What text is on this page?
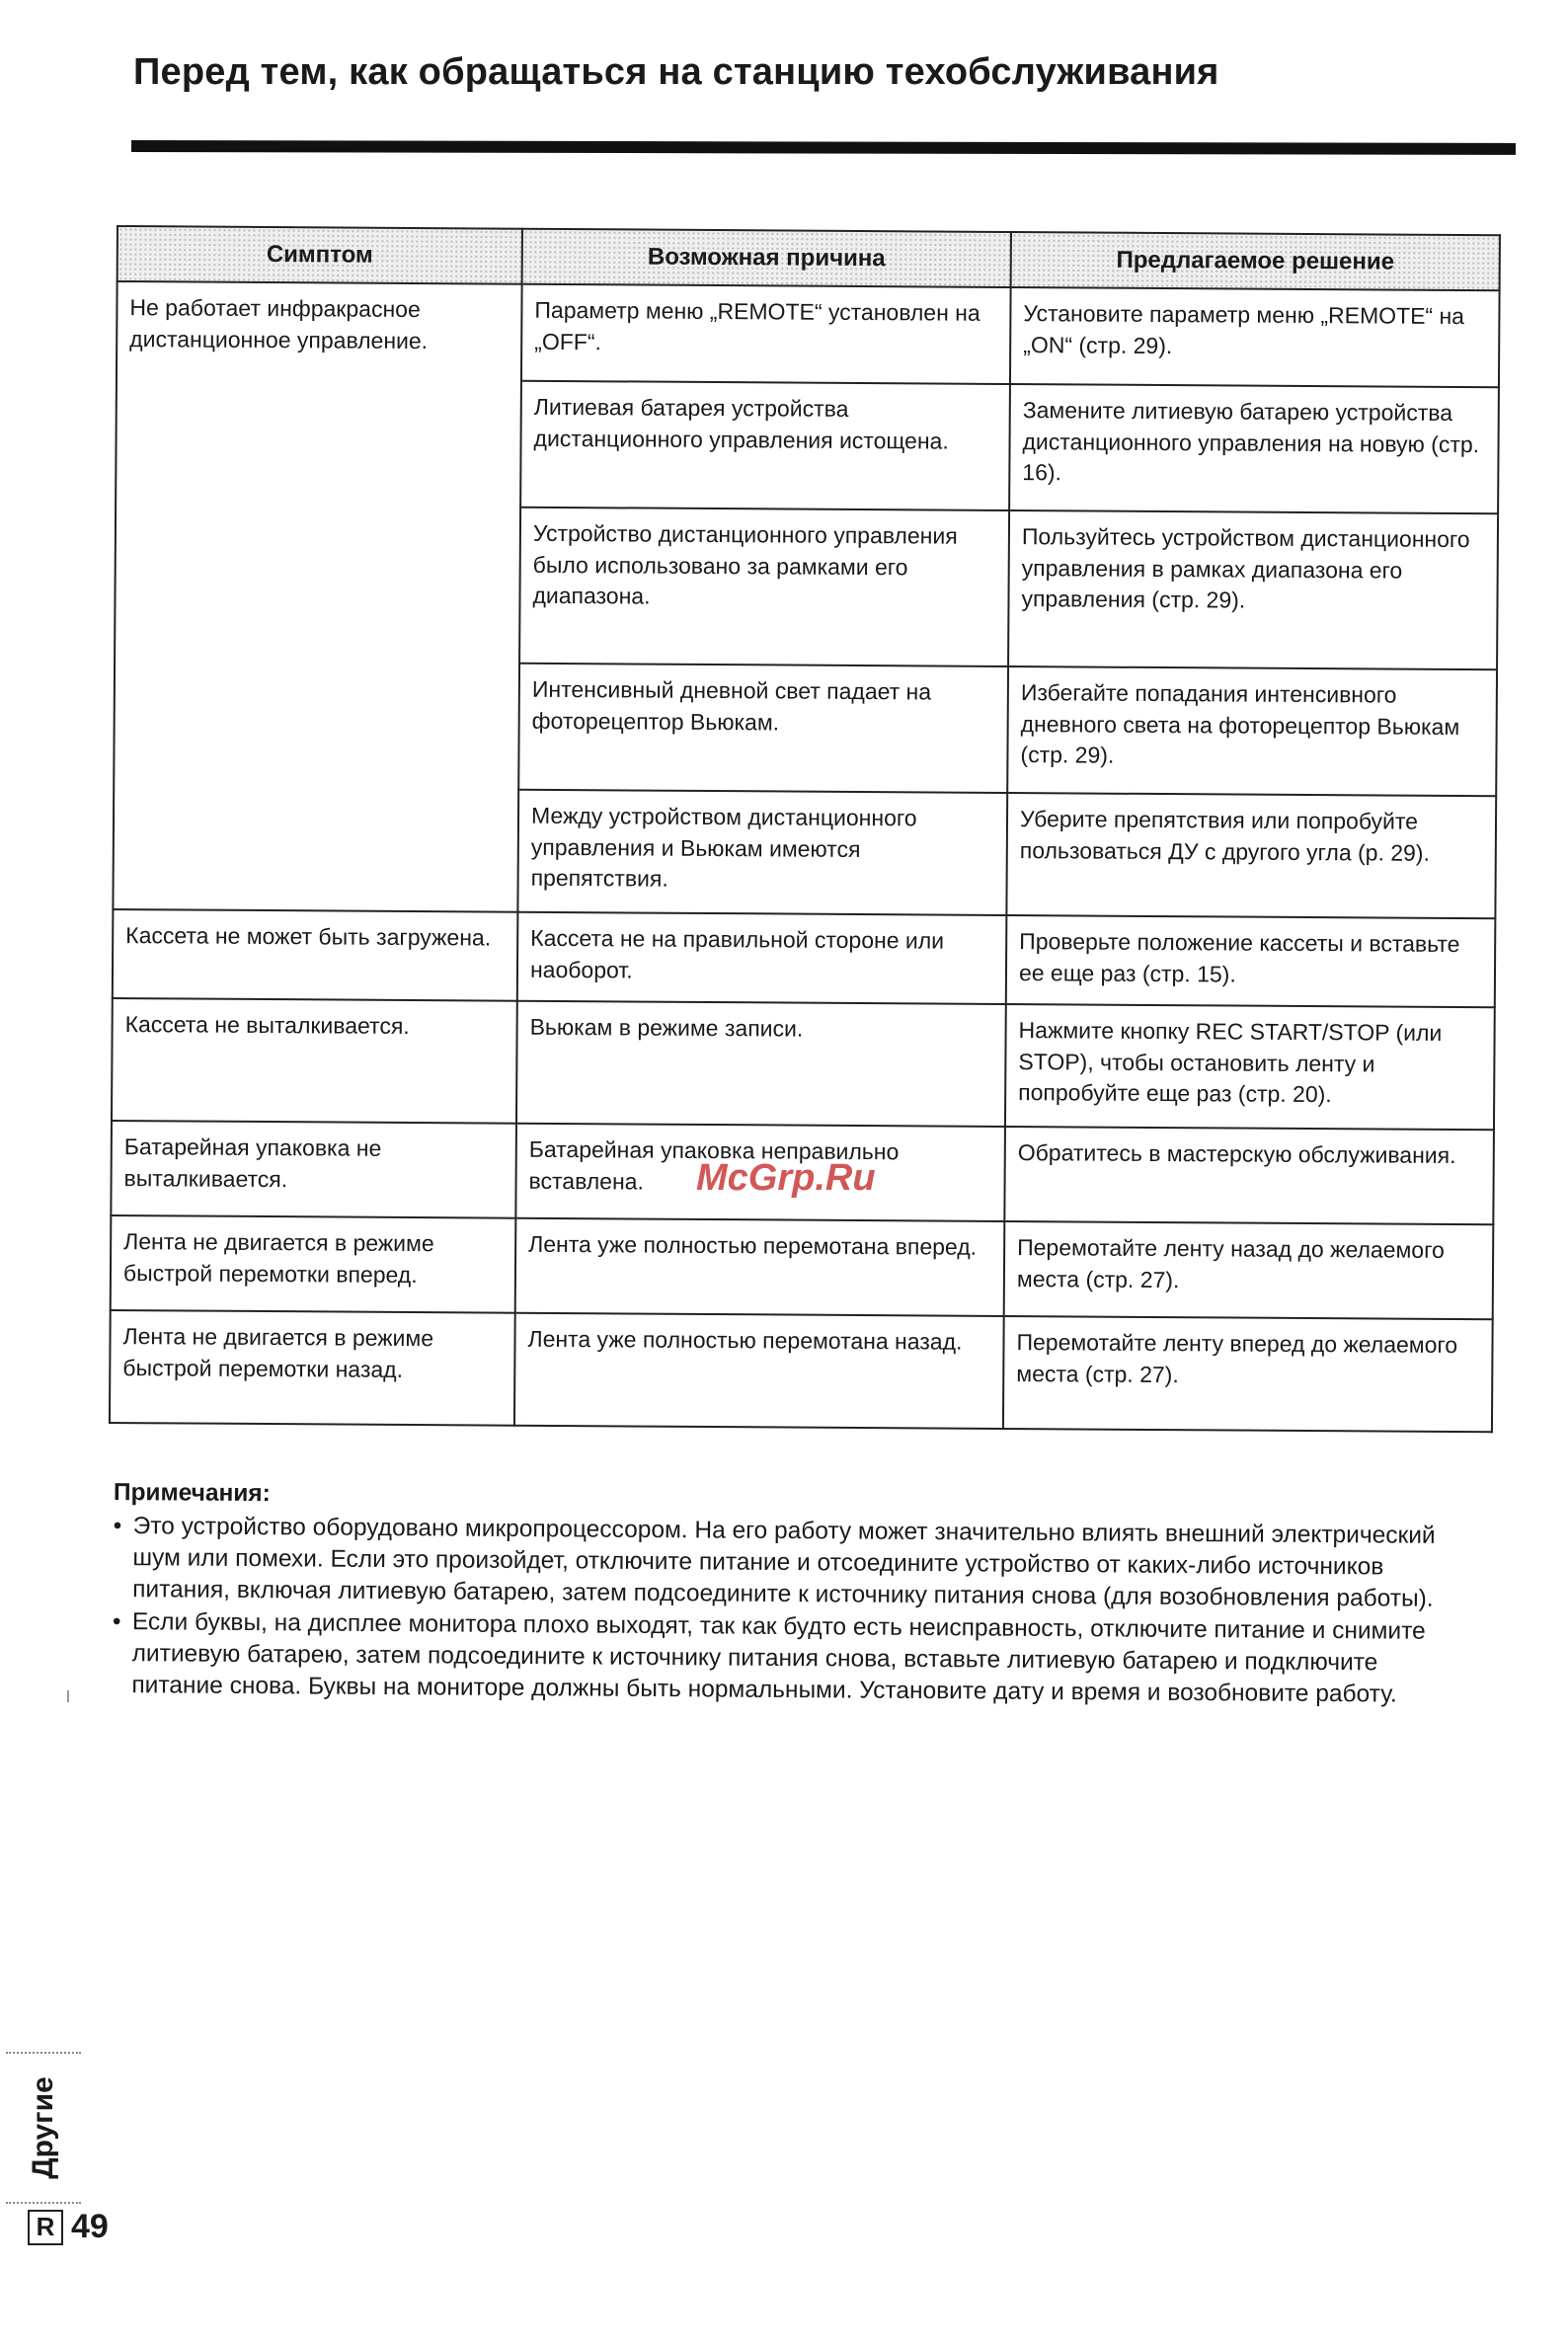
Перед тем, как обращаться на станцию техобслуживания
Симптом	Возможная причина	Предлагаемое решение
Не работает инфракрасное дистанционное управление.	Параметр меню „REMOTE“ установлен на „OFF“.	Установите параметр меню „REMOTE“ на „ON“ (стр. 29).
	Литиевая батарея устройства дистанционного управления истощена.	Замените литиевую батарею устройства дистанционного управления на новую (стр. 16).
	Устройство дистанционного управления было использовано за рамками его диапазона.	Пользуйтесь устройством дистанционного управления в рамках диапазона его управления (стр. 29).
	Интенсивный дневной свет падает на фоторецептор Вьюкам.	Избегайте попадания интенсивного дневного света на фоторецептор Вьюкам (стр. 29).
	Между устройством дистанционного управления и Вьюкам имеются препятствия.	Уберите препятствия или попробуйте пользоваться ДУ с другого угла (р. 29).
Кассета не может быть загружена.	Кассета не на правильной стороне или наоборот.	Проверьте положение кассеты и вставьте ее еще раз (стр. 15).
Кассета не выталкивается.	Вьюкам в режиме записи.	Нажмите кнопку REC START/STOP (или STOP), чтобы остановить ленту и попробуйте еще раз (стр. 20).
Батарейная упаковка не выталкивается.	Батарейная упаковка неправильно вставлена.	Обратитесь в мастерскую обслуживания.
Лента не двигается в режиме быстрой перемотки вперед.	Лента уже полностью перемотана вперед.	Перемотайте ленту назад до желаемого места (стр. 27).
Лента не двигается в режиме быстрой перемотки назад.	Лента уже полностью перемотана назад.	Перемотайте ленту вперед до желаемого места (стр. 27).
McGrp.Ru
Примечания:
• Это устройство оборудовано микропроцессором. На его работу может значительно влиять внешний электрический шум или помехи. Если это произойдет, отключите питание и отсоедините устройство от каких-либо источников питания, включая литиевую батарею, затем подсоедините к источнику питания снова (для возобновления работы).
• Если буквы, на дисплее монитора плохо выходят, так как будто есть неисправность, отключите питание и снимите литиевую батарею, затем подсоедините к источнику питания снова, вставьте литиевую батарею и подключите питание снова. Буквы на мониторе должны быть нормальными. Установите дату и время и возобновите работу.
Другие
R 49
